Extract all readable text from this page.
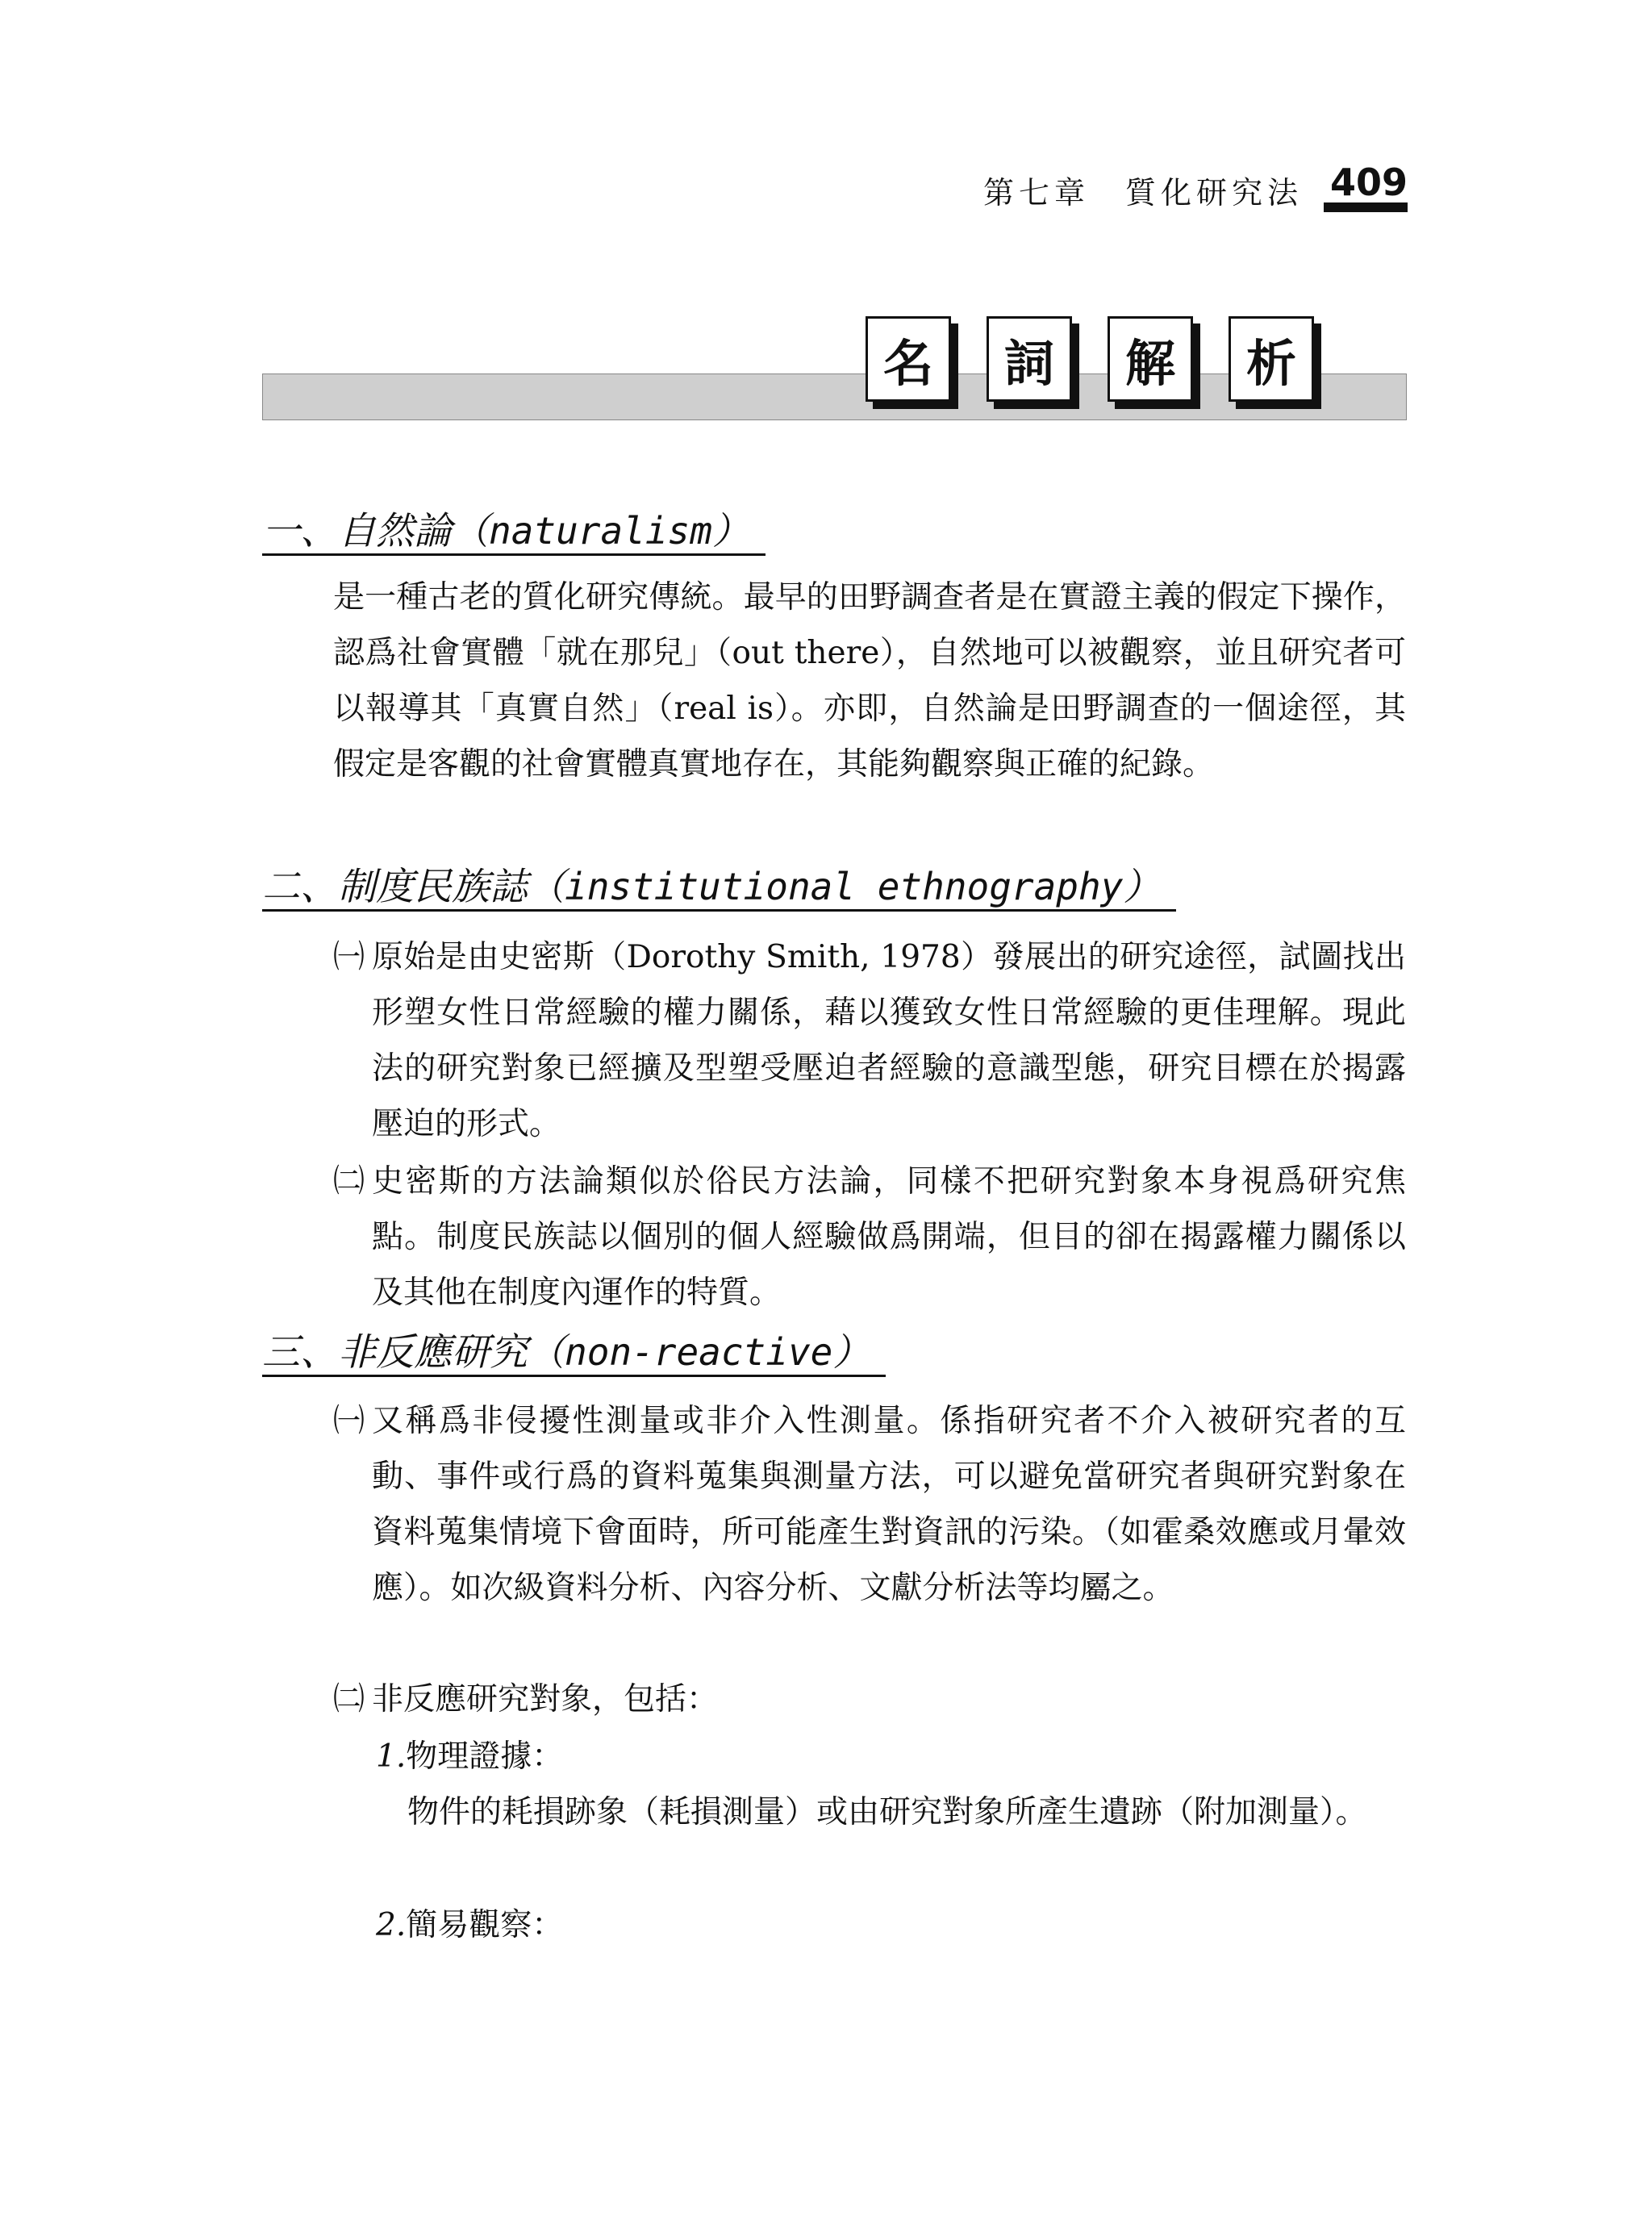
第七章　質化研究法 409
名	詞	解	析
一、自然論（naturalism）
是一種古老的質化研究傳統。最早的田野調查者是在實證主義的假定下操作，認爲社會實體「就在那兒」（out there），自然地可以被觀察，並且研究者可以報導其「真實自然」（real is）。亦即，自然論是田野調查的一個途徑，其假定是客觀的社會實體真實地存在，其能夠觀察與正確的紀錄。
二、制度民族誌（institutional ethnography）
㈠ 原始是由史密斯（Dorothy Smith, 1978）發展出的研究途徑，試圖找出形塑女性日常經驗的權力關係，藉以獲致女性日常經驗的更佳理解。現此法的研究對象已經擴及型塑受壓迫者經驗的意識型態，研究目標在於揭露壓迫的形式。
㈡ 史密斯的方法論類似於俗民方法論，同樣不把研究對象本身視爲研究焦點。制度民族誌以個別的個人經驗做爲開端，但目的卻在揭露權力關係以及其他在制度內運作的特質。
三、非反應研究（non-reactive）
㈠ 又稱爲非侵擾性測量或非介入性測量。係指研究者不介入被研究者的互動、事件或行爲的資料蒐集與測量方法，可以避免當研究者與研究對象在資料蒐集情境下會面時，所可能產生對資訊的污染。（如霍桑效應或月暈效應）。如次級資料分析、內容分析、文獻分析法等均屬之。
㈡ 非反應研究對象，包括：
1.物理證據：
物件的耗損跡象（耗損測量）或由研究對象所產生遺跡（附加測量）。
2.簡易觀察：
